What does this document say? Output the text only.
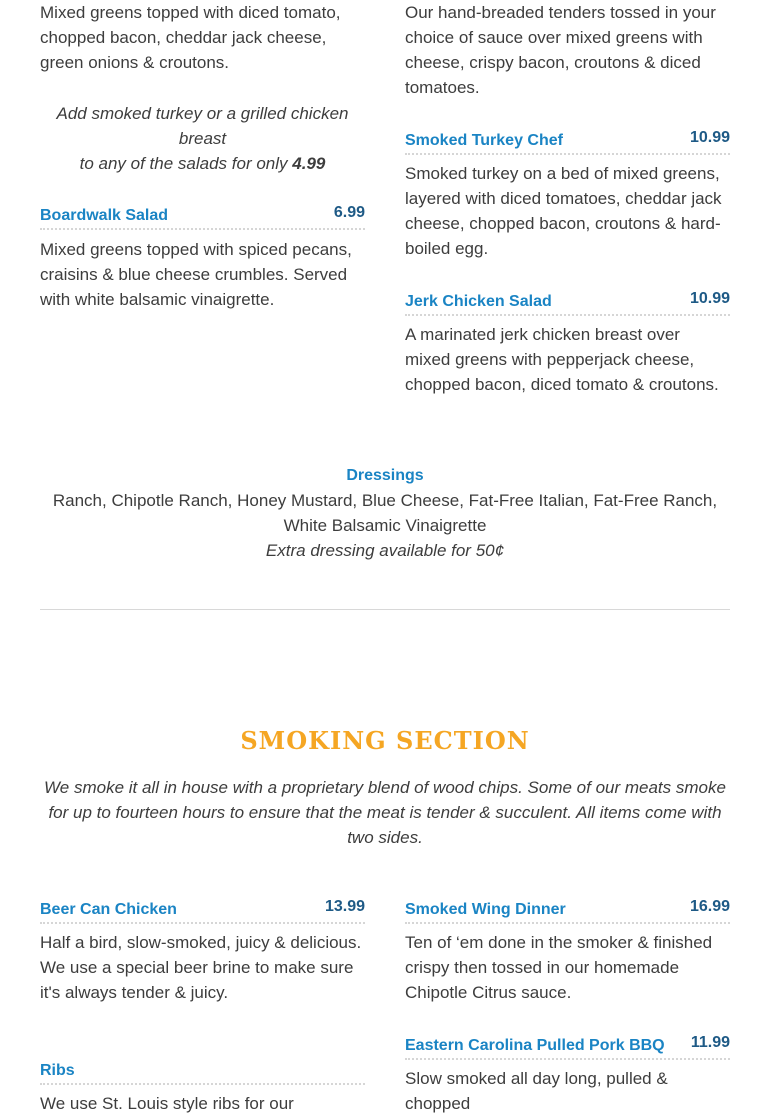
Mixed greens topped with diced tomato, chopped bacon, cheddar jack cheese, green onions & croutons.

Our hand-breaded tenders tossed in your choice of sauce over mixed greens with cheese, crispy bacon, croutons & diced tomatoes.

Add smoked turkey or a grilled chicken breast
to any of the salads for only 4.99
Boardwalk Salad	6.99

Mixed greens topped with spiced pecans, craisins & blue cheese crumbles. Served with white balsamic vinaigrette.

Smoked Turkey Chef	10.99

Smoked turkey on a bed of mixed greens, layered with diced tomatoes, cheddar jack cheese, chopped bacon, croutons & hard-boiled egg.

Jerk Chicken Salad	10.99

A marinated jerk chicken breast over mixed greens with pepperjack cheese, chopped bacon, diced tomato & croutons.

Dressings
Ranch, Chipotle Ranch, Honey Mustard, Blue Cheese, Fat-Free Italian, Fat-Free Ranch, White Balsamic Vinaigrette
Extra dressing available for 50¢
SMOKING SECTION
We smoke it all in house with a proprietary blend of wood chips. Some of our meats smoke for up to fourteen hours to ensure that the meat is tender & succulent. All items come with two sides.
Beer Can Chicken	13.99

Half a bird, slow-smoked, juicy & delicious. We use a special beer brine to make sure it's always tender & juicy.

Smoked Wing Dinner	16.99

Ten of ‘em done in the smoker & finished crispy then tossed in our homemade Chipotle Citrus sauce.

Ribs

We use St. Louis style ribs for our

Eastern Carolina Pulled Pork BBQ 11.99

Slow smoked all day long, pulled & chopped
